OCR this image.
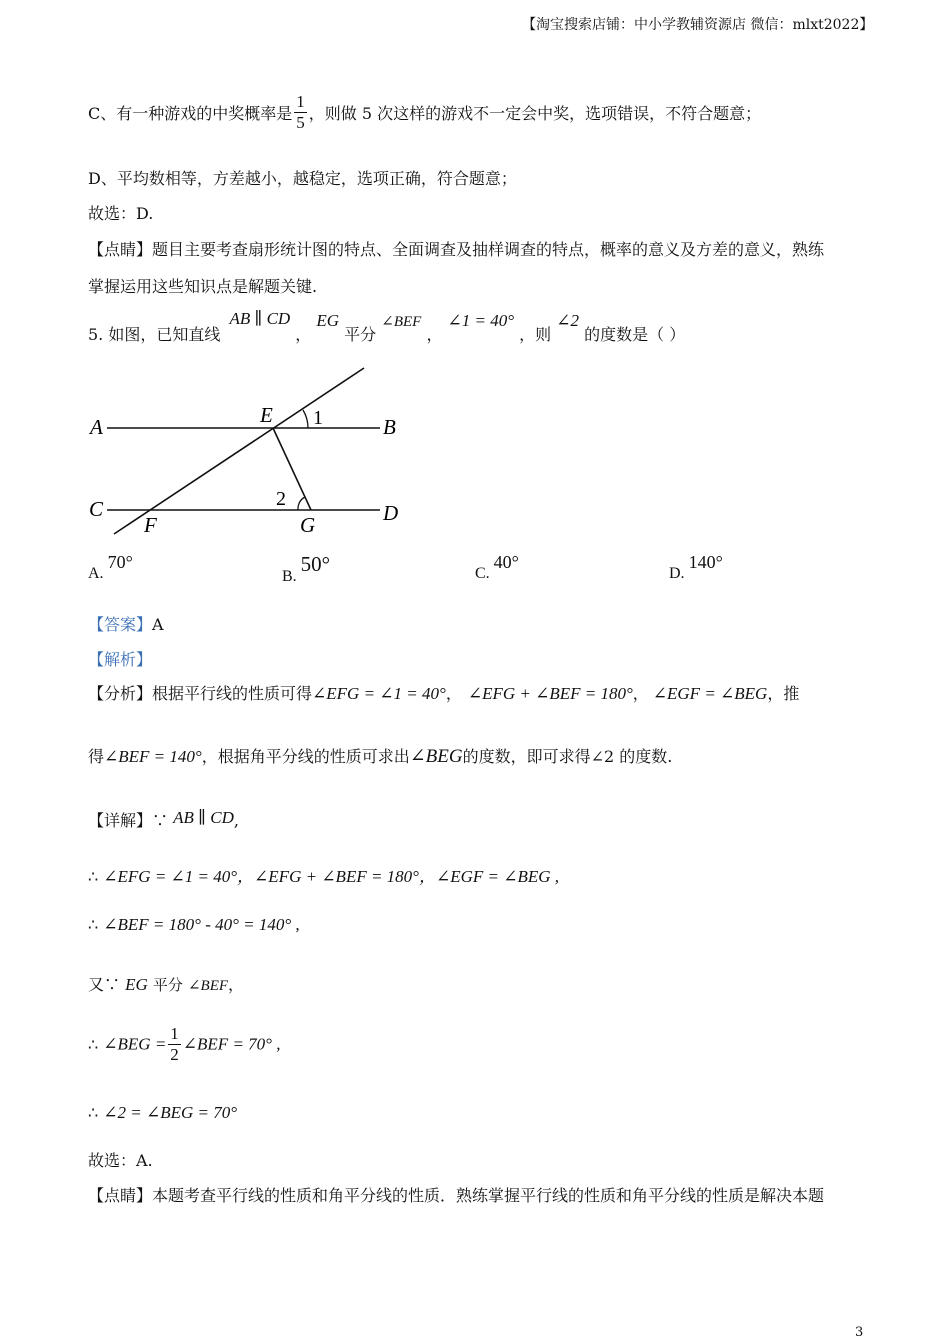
【淘宝搜索店铺：中小学教辅资源店 微信：mlxt2022】
C、有一种游戏的中奖概率是 $\frac{1}{5}$ ，则做 5 次这样的游戏不一定会中奖，选项错误，不符合题意；
D、平均数相等，方差越小，越稳定，选项正确，符合题意；
故选：D.
【点睛】题目主要考查扇形统计图的特点、全面调查及抽样调查的特点，概率的意义及方差的意义，熟练
掌握运用这些知识点是解题关键.
5. 如图，已知直线 AB ∥ CD ， EG 平分 ∠BEF ， ∠1 = 40° ，则 ∠2 的度数是（ ）
A	B
C	D
E
F	G
1
2
A.70°
B.50°	C.40°
D.140°
【答案】A
【解析】
【分析】根据平行线的性质可得∠EFG = ∠1 = 40°， ∠EFG + ∠BEF = 180°， ∠EGF = ∠BEG，推
得∠BEF = 140°，根据角平分线的性质可求出∠BEG的度数，即可求得∠2 的度数.
【详解】∵ AB ∥ CD,
∴ ∠EFG = ∠1 = 40°，∠EFG + ∠BEF = 180°，∠EGF = ∠BEG ,
∴ ∠BEF = 180° - 40° = 140° ,
又∵ EG 平分 ∠BEF，
∴ ∠BEG = $\frac{1}{2}$ ∠BEF = 70° ,
∴ ∠2 = ∠BEG = 70°
故选：A.
【点睛】本题考查平行线的性质和角平分线的性质．熟练掌握平行线的性质和角平分线的性质是解决本题
3
